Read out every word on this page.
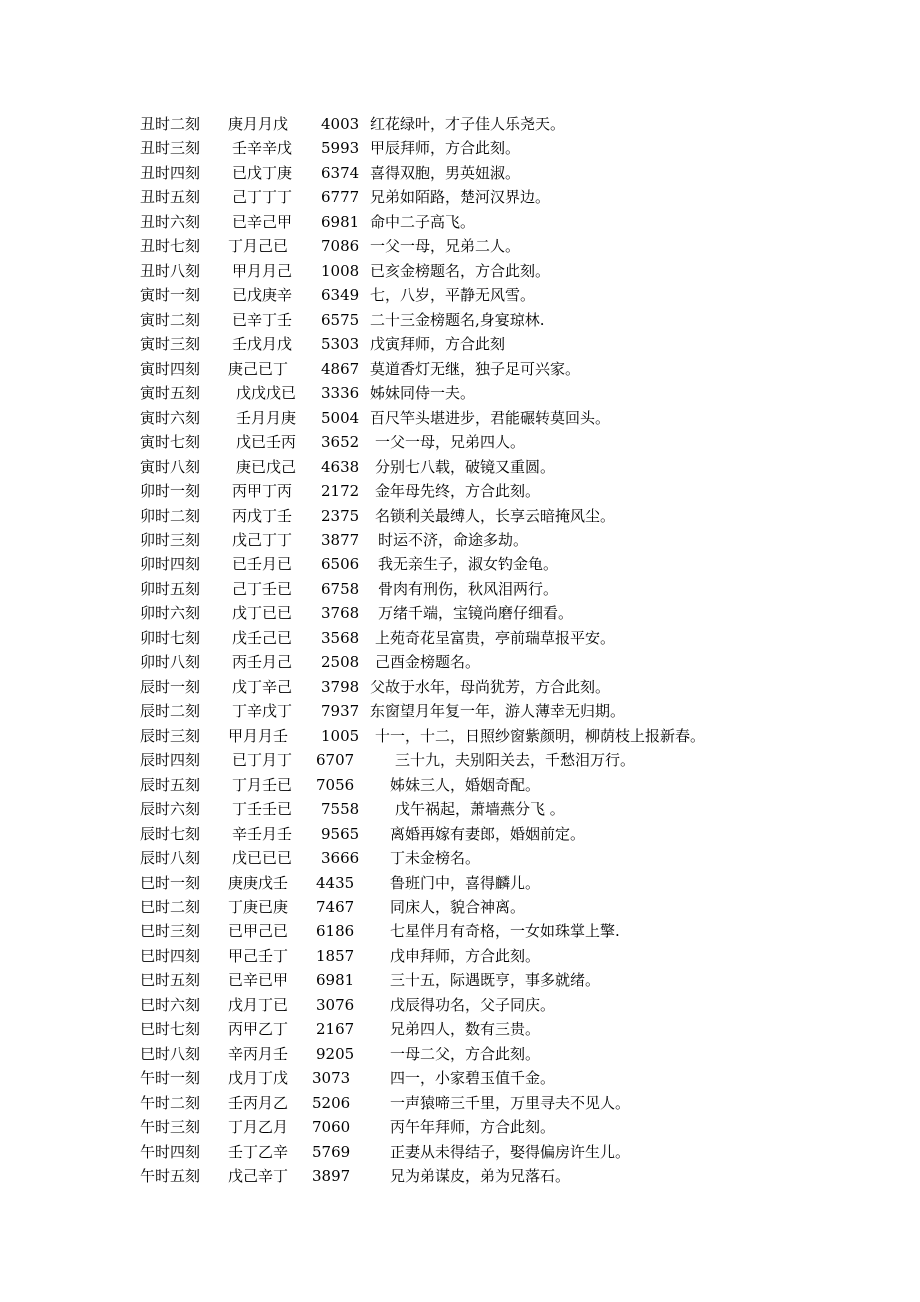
丑时二刻 庚月月戊 4003 红花绿叶，才子佳人乐尧天。
丑时三刻 壬辛辛戊 5993 甲辰拜师，方合此刻。
丑时四刻 已戊丁庚 6374 喜得双胞，男英妞淑。
丑时五刻 己丁丁丁 6777 兄弟如陌路，楚河汉界边。
丑时六刻 已辛己甲 6981 命中二子高飞。
丑时七刻 丁月己已 7086 一父一母，兄弟二人。
丑时八刻 甲月月己 1008 已亥金榜题名，方合此刻。
寅时一刻 已戊庚辛 6349 七，八岁，平静无风雪。
寅时二刻 已辛丁壬 6575 二十三金榜题名,身宴琼林.
寅时三刻 壬戊月戊 5303 戊寅拜师，方合此刻
寅时四刻 庚己已丁 4867 莫道香灯无继，独子足可兴家。
寅时五刻 戊戊戊已 3336 姊妹同侍一夫。
寅时六刻 壬月月庚 5004 百尺竿头堪进步，君能碾转莫回头。
寅时七刻 戊已壬丙 3652 一父一母，兄弟四人。
寅时八刻 庚已戊己 4638 分别七八载，破镜又重圆。
卯时一刻 丙甲丁丙 2172 金年母先终，方合此刻。
卯时二刻 丙戊丁壬 2375 名锁利关最缚人，长享云暗掩风尘。
卯时三刻 戊己丁丁 3877 时运不济，命途多劫。
卯时四刻 已壬月已 6506 我无亲生子，淑女钓金龟。
卯时五刻 己丁壬已 6758 骨肉有刑伤，秋风泪两行。
卯时六刻 戊丁已已 3768 万绪千端，宝镜尚磨仔细看。
卯时七刻 戊壬己已 3568 上苑奇花呈富贵，亭前瑞草报平安。
卯时八刻 丙壬月己 2508 己酉金榜题名。
辰时一刻 戊丁辛己 3798 父故于水年，母尚犹芳，方合此刻。
辰时二刻 丁辛戊丁 7937 东窗望月年复一年，游人薄幸无归期。
辰时三刻 甲月月壬 1005 十一，十二，日照纱窗紫颜明，柳荫枝上报新春。
辰时四刻 已丁月丁 6707	三十九，夫别阳关去，千愁泪万行。
辰时五刻 丁月壬已 7056 姊妹三人，婚姻奇配。
辰时六刻 丁壬壬已 7558 戊午祸起，萧墙燕分飞 。
辰时七刻 辛壬月壬 9565 离婚再嫁有妻郎，婚姻前定。
辰时八刻 戊已已已 3666 丁未金榜名。
巳时一刻 庚庚戊壬 4435 鲁班门中，喜得麟儿。
巳时二刻 丁庚已庚 7467 同床人，貌合神离。
巳时三刻 已甲己已 6186 七星伴月有奇格，一女如珠掌上擎.
巳时四刻 甲己壬丁 1857 戊申拜师，方合此刻。
巳时五刻 已辛已甲 6981 三十五，际遇既亨，事多就绪。
巳时六刻 戊月丁已 3076 戊辰得功名，父子同庆。
巳时七刻 丙甲乙丁 2167 兄弟四人，数有三贵。
巳时八刻 辛丙月壬 9205 一母二父，方合此刻。
午时一刻 戊月丁戊 3073	四一，小家碧玉值千金。
午时二刻 壬丙月乙 5206	一声猿啼三千里，万里寻夫不见人。
午时三刻 丁月乙月 7060	丙午年拜师，方合此刻。
午时四刻 壬丁乙辛 5769	正妻从未得结子，娶得偏房许生儿。
午时五刻 戊己辛丁 3897	兄为弟谋皮，弟为兄落石。
